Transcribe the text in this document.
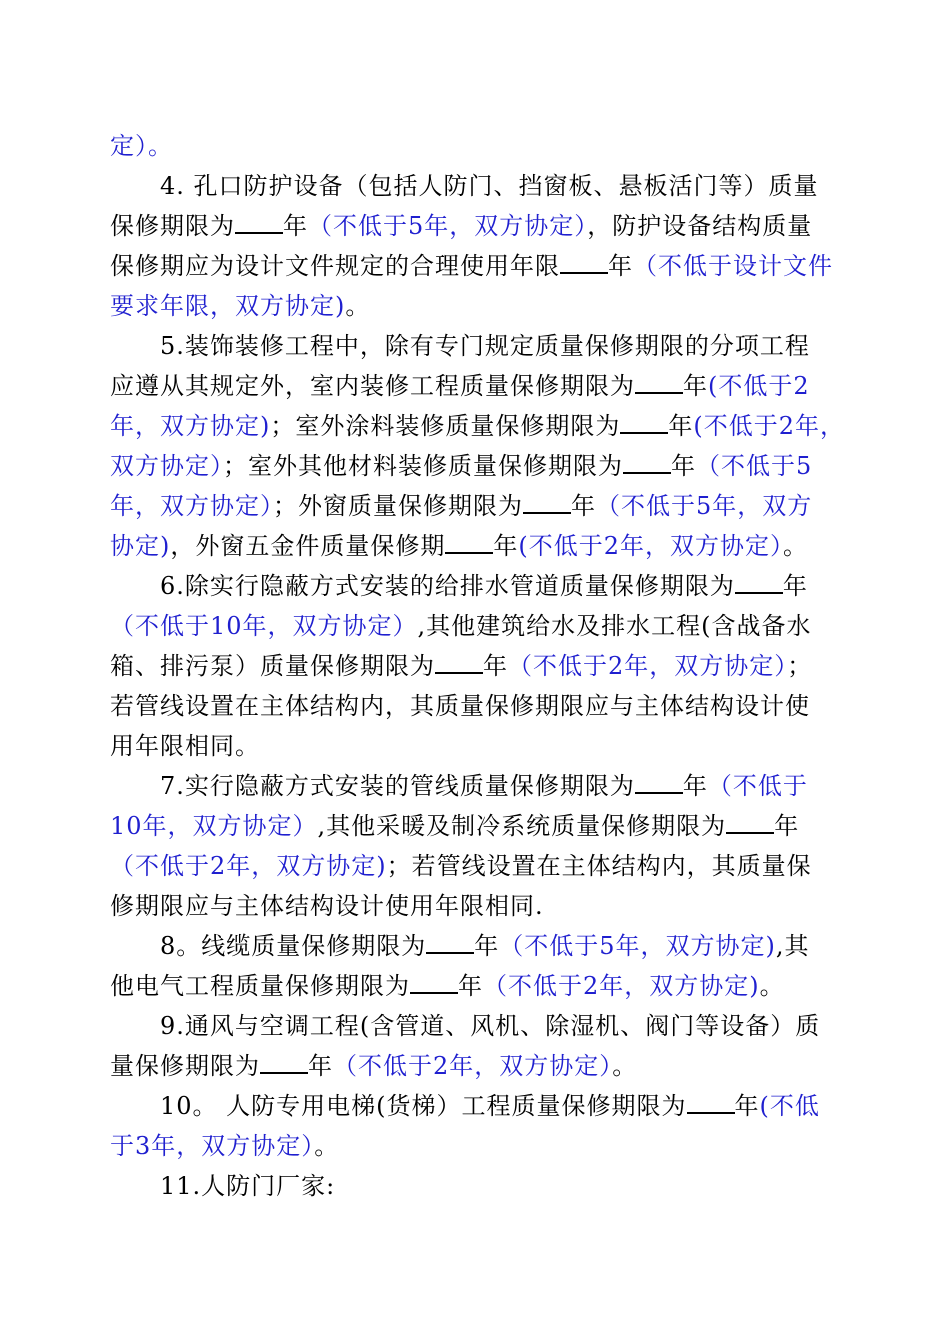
定）。
4. 孔口防护设备（包括人防门、挡窗板、悬板活门等）质量
保修期限为 年（不低于5年，双方协定），防护设备结构质量
保修期应为设计文件规定的合理使用年限 年（不低于设计文件
要求年限，双方协定)。
5.装饰装修工程中，除有专门规定质量保修期限的分项工程
应遵从其规定外，室内装修工程质量保修期限为 年(不低于2
年，双方协定)；室外涂料装修质量保修期限为 年(不低于2年，
双方协定）；室外其他材料装修质量保修期限为 年（不低于5
年，双方协定）；外窗质量保修期限为 年（不低于5年，双方
协定)，外窗五金件质量保修期 年(不低于2年，双方协定）。
6.除实行隐蔽方式安装的给排水管道质量保修期限为 年
（不低于10年，双方协定）,其他建筑给水及排水工程(含战备水
箱、排污泵）质量保修期限为 年（不低于2年，双方协定）；
若管线设置在主体结构内，其质量保修期限应与主体结构设计使
用年限相同。
7.实行隐蔽方式安装的管线质量保修期限为 年（不低于
10年，双方协定）,其他采暖及制冷系统质量保修期限为 年
（不低于2年，双方协定)；若管线设置在主体结构内，其质量保
修期限应与主体结构设计使用年限相同.
8。线缆质量保修期限为 年（不低于5年，双方协定),其
他电气工程质量保修期限为 年（不低于2年，双方协定)。
9.通风与空调工程(含管道、风机、除湿机、阀门等设备）质
量保修期限为 年（不低于2年，双方协定）。
10。 人防专用电梯(货梯）工程质量保修期限为 年(不低
于3年，双方协定）。
11.人防门厂家:
